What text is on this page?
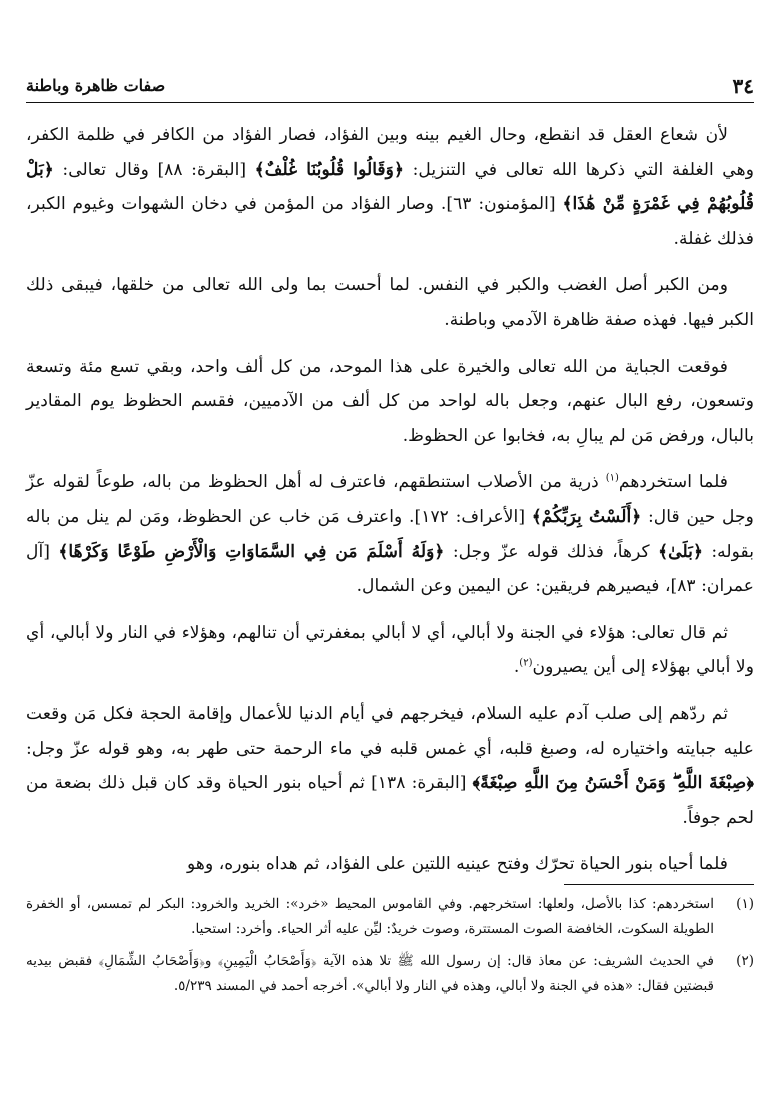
٣٤
صفات ظاهرة وباطنة

لأن شعاع العقل قد انقطع، وحال الغيم بينه وبين الفؤاد، فصار الفؤاد من الكافر في ظلمة الكفر، وهي الغلفة التي ذكرها الله تعالى في التنزيل: ﴿وَقَالُوا قُلُوبُنَا غُلْفٌ﴾ [البقرة: ٨٨] وقال تعالى: ﴿بَلْ قُلُوبُهُمْ فِي غَمْرَةٍ مِّنْ هَٰذَا﴾ [المؤمنون: ٦٣]. وصار الفؤاد من المؤمن في دخان الشهوات وغيوم الكبر، فذلك غفلة.

ومن الكبر أصل الغضب والكبر في النفس. لما أحست بما ولى الله تعالى من خلقها، فيبقى ذلك الكبر فيها. فهذه صفة ظاهرة الآدمي وباطنة.

فوقعت الجباية من الله تعالى والخيرة على هذا الموحد، من كل ألف واحد، وبقي تسع مئة وتسعة وتسعون، رفع البال عنهم، وجعل باله لواحد من كل ألف من الآدميين، فقسم الحظوظ يوم المقادير بالبال، ورفض مَن لم يبالِ به، فخابوا عن الحظوظ.

فلما استخردهم$^{(١)}$ ذرية من الأصلاب استنطقهم، فاعترف له أهل الحظوظ من باله، طوعاً لقوله عزّ وجل حين قال: ﴿أَلَسْتُ بِرَبِّكُمْ﴾ [الأعراف: ١٧٢]. واعترف مَن خاب عن الحظوظ، ومَن لم ينل من باله بقوله: ﴿بَلَىٰ﴾ كرهاً، فذلك قوله عزّ وجل: ﴿وَلَهُ أَسْلَمَ مَن فِي السَّمَاوَاتِ وَالْأَرْضِ طَوْعًا وَكَرْهًا﴾ [آل عمران: ٨٣]، فيصيرهم فريقين: عن اليمين وعن الشمال.

ثم قال تعالى: هؤلاء في الجنة ولا أبالي، أي لا أبالي بمغفرتي أن تنالهم، وهؤلاء في النار ولا أبالي، أي ولا أبالي بهؤلاء إلى أين يصيرون$^{(٢)}$.

ثم ردّهم إلى صلب آدم عليه السلام، فيخرجهم في أيام الدنيا للأعمال وإقامة الحجة فكل مَن وقعت عليه جبايته واختياره له، وصبغ قلبه، أي غمس قلبه في ماء الرحمة حتى طهر به، وهو قوله عزّ وجل: ﴿صِبْغَةَ اللَّهِ ۖ وَمَنْ أَحْسَنُ مِنَ اللَّهِ صِبْغَةً﴾ [البقرة: ١٣٨] ثم أحياه بنور الحياة وقد كان قبل ذلك بضعة من لحم جوفاً.

فلما أحياه بنور الحياة تحرّك وفتح عينيه اللتين على الفؤاد، ثم هداه بنوره، وهو

(١)
استخردهم: كذا بالأصل، ولعلها: استخرجهم. وفي القاموس المحيط «خرد»: الخريد والخرود: البكر لم تمسس، أو الخفرة الطويلة السكوت، الخافضة الصوت المستترة، وصوت خريدٌ: ليِّن عليه أثر الحياء. وأخرد: استحيا.
(٢)
في الحديث الشريف: عن معاذ قال: إن رسول الله ﷺ تلا هذه الآية ﴿وَأَصْحَابُ الْيَمِينِ﴾ و﴿وَأَصْحَابُ الشِّمَالِ﴾ فقبض بيديه قبضتين فقال: «هذه في الجنة ولا أبالي، وهذه في النار ولا أبالي». أخرجه أحمد في المسند ٥/٢٣٩.
